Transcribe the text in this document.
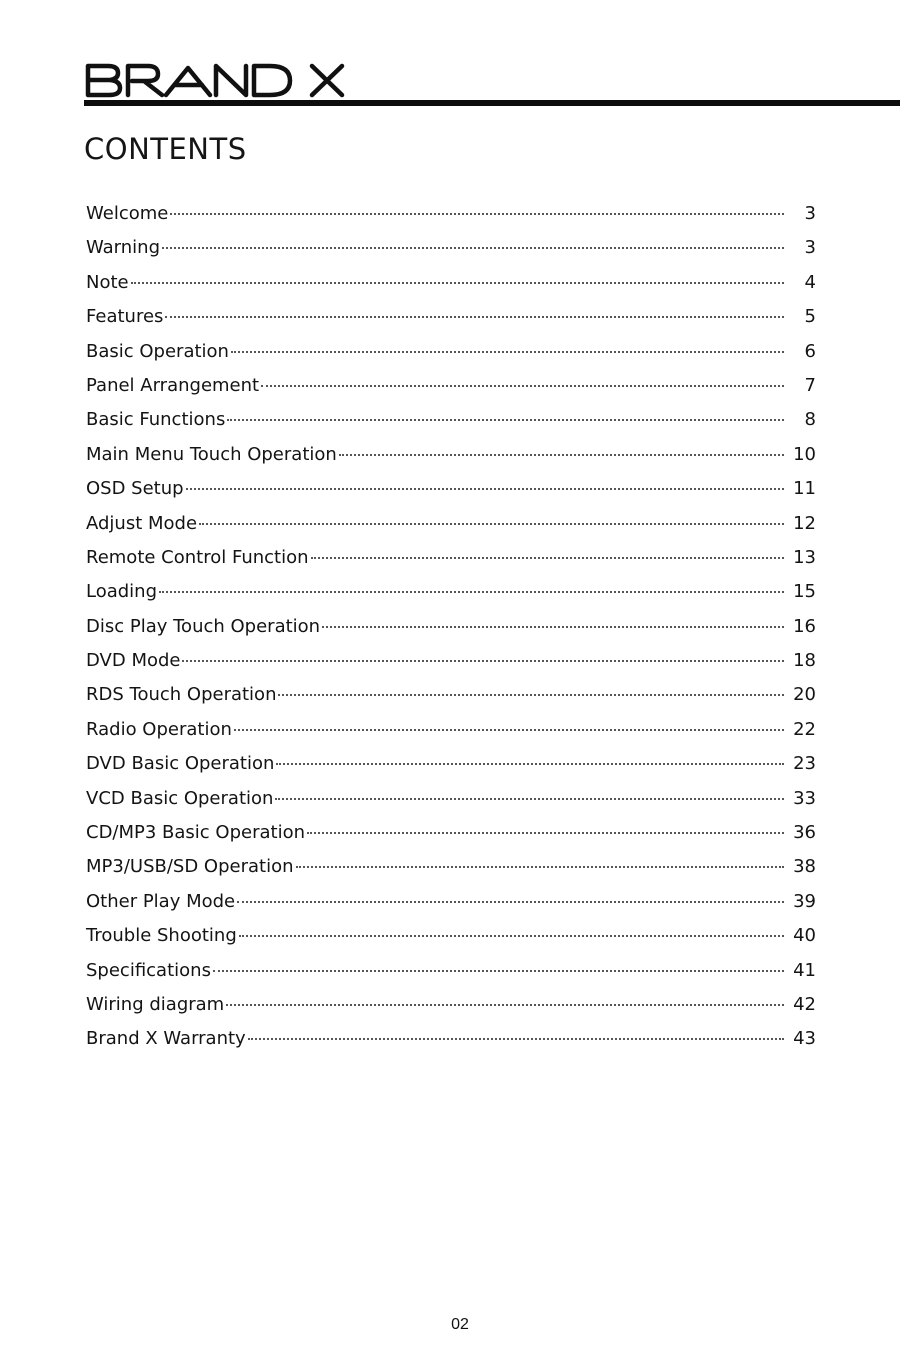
CONTENTS
Welcome	3
Warning	3
Note	4
Features	5
Basic Operation	6
Panel Arrangement	7
Basic Functions	8
Main Menu Touch Operation	10
OSD Setup	11
Adjust Mode	12
Remote Control Function	13
Loading	15
Disc Play Touch Operation	16
DVD Mode	18
RDS Touch Operation	20
Radio Operation	22
DVD Basic Operation	23
VCD Basic Operation	33
CD/MP3 Basic Operation	36
MP3/USB/SD Operation	38
Other Play Mode	39
Trouble Shooting	40
Specifications	41
Wiring diagram	42
Brand X Warranty	43
02
